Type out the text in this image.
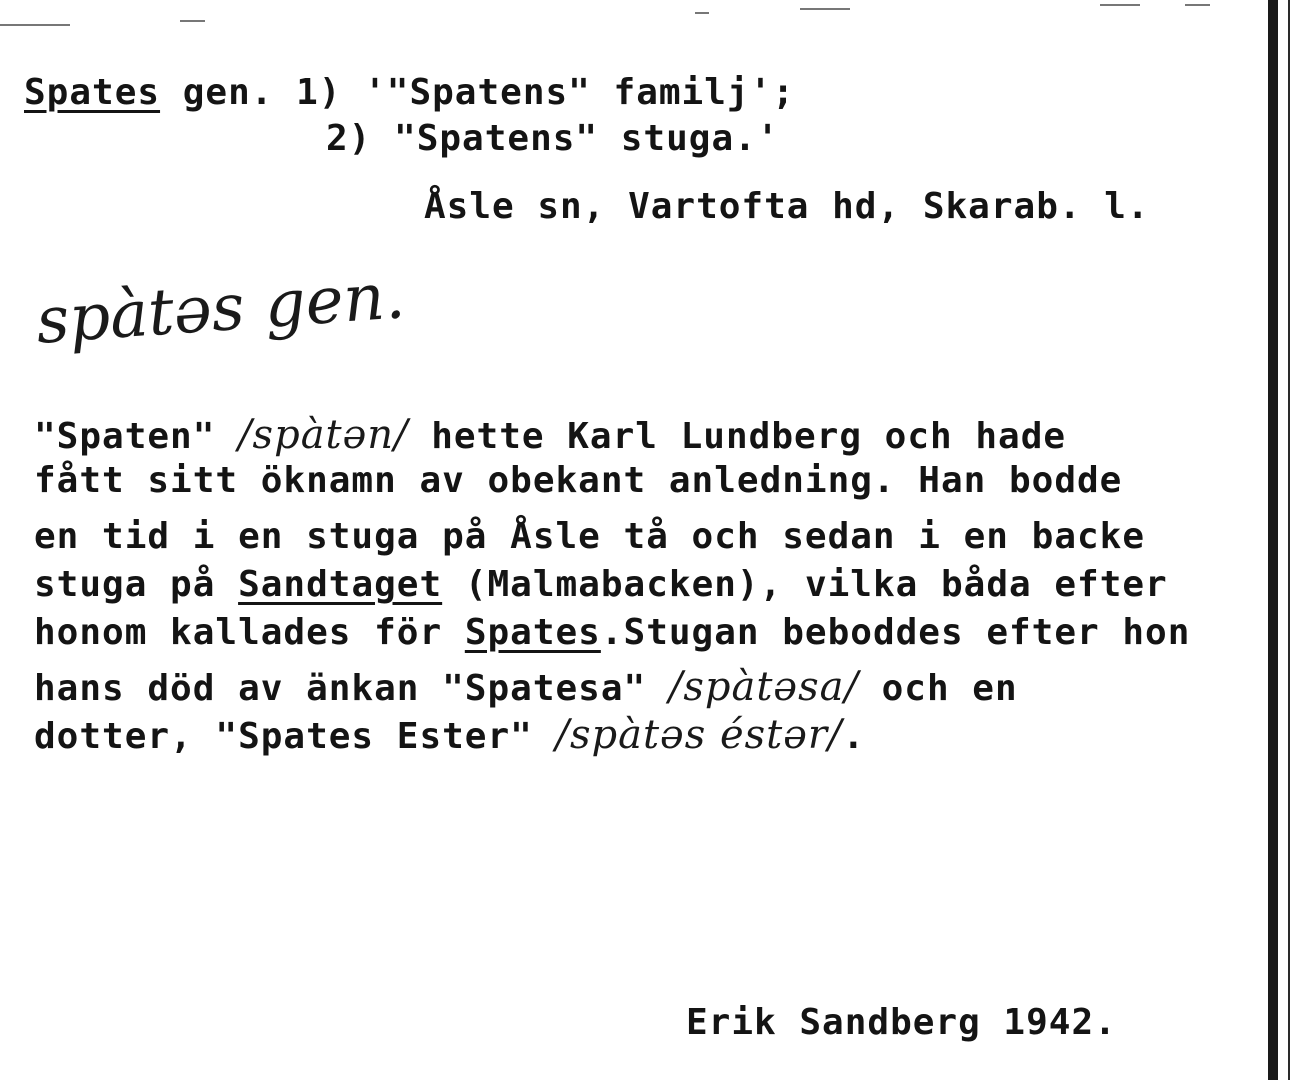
Spates gen. 1) '"Spatens" familj';
2) "Spatens" stuga.'
Åsle sn, Vartofta hd, Skarab. l.
spàtəs gen.
"Spaten" /spàtən/ hette Karl Lundberg och hade
fått sitt öknamn av obekant anledning. Han bodde
en tid i en stuga på Åsle tå och sedan i en backe
stuga på Sandtaget (Malmabacken), vilka båda efter
honom kallades för Spates.Stugan beboddes efter hon
hans död av änkan "Spatesa" /spàtəsa/ och en
dotter, "Spates Ester" /spàtəs éstər/.
Erik Sandberg 1942.
